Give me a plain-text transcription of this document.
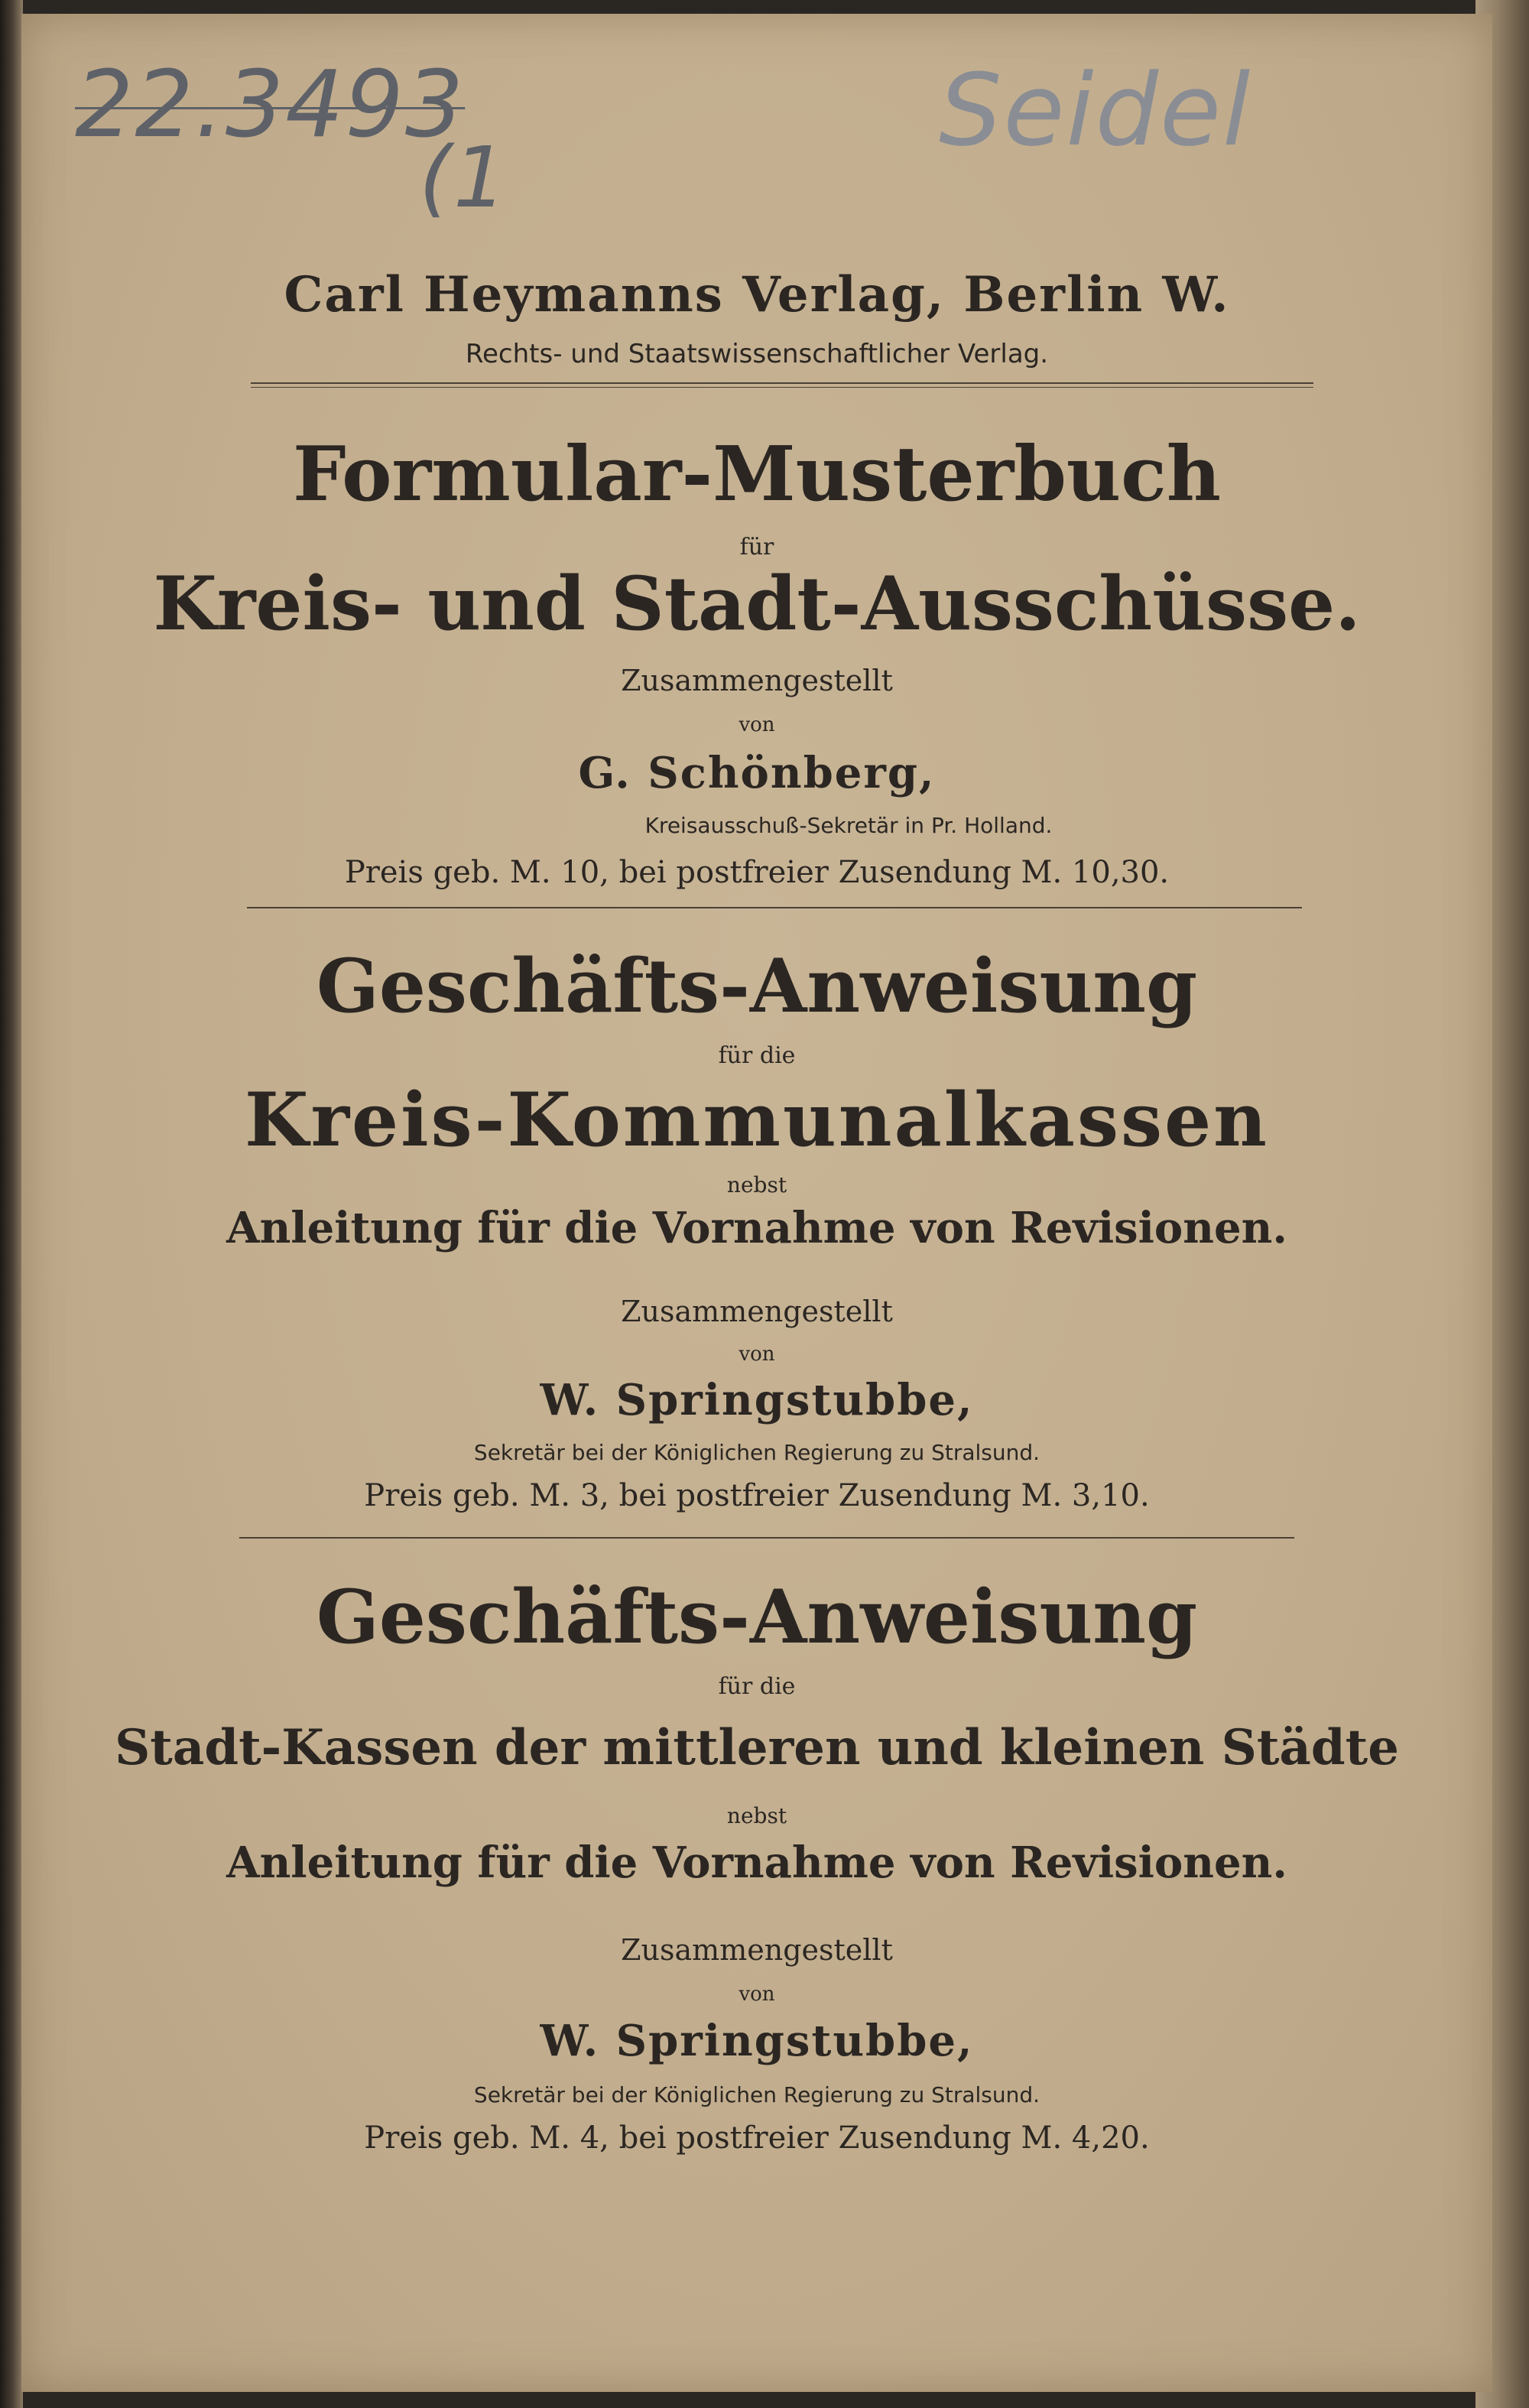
22.3493
(1
Seidel
Carl Heymanns Verlag, Berlin W.
Rechts- und Staatswissenschaftlicher Verlag.
Formular-Musterbuch
für
Kreis- und Stadt-Ausschüsse.
Zusammengestellt
von
G. Schönberg,
Kreisausschuß-Sekretär in Pr. Holland.
Preis geb. M. 10, bei postfreier Zusendung M. 10,30.
Geschäfts-Anweisung
für die
Kreis-Kommunalkassen
nebst
Anleitung für die Vornahme von Revisionen.
Zusammengestellt
von
W. Springstubbe,
Sekretär bei der Königlichen Regierung zu Stralsund.
Preis geb. M. 3, bei postfreier Zusendung M. 3,10.
Geschäfts-Anweisung
für die
Stadt-Kassen der mittleren und kleinen Städte
nebst
Anleitung für die Vornahme von Revisionen.
Zusammengestellt
von
W. Springstubbe,
Sekretär bei der Königlichen Regierung zu Stralsund.
Preis geb. M. 4, bei postfreier Zusendung M. 4,20.
